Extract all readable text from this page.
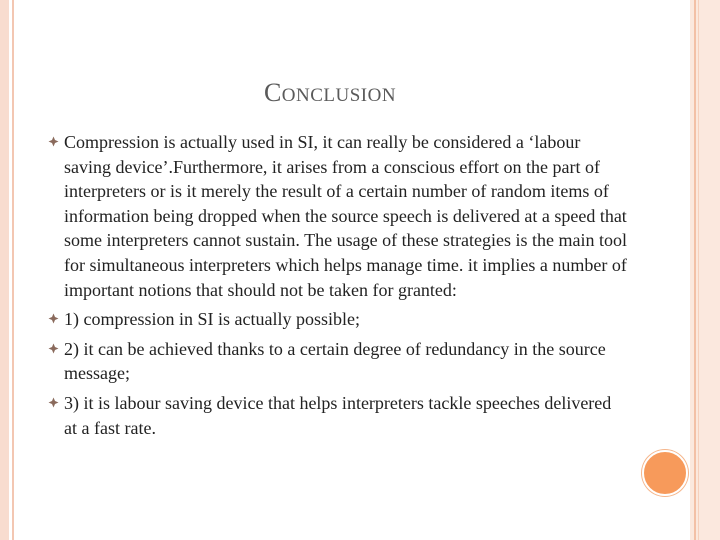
CONCLUSION
Compression is actually used in SI, it can really be considered a ‘labour saving device’.Furthermore, it arises from a conscious effort on the part of interpreters or is it merely the result of a certain number of random items of information being dropped when the source speech is delivered at a speed that some interpreters cannot sustain. The usage of these strategies is the main tool for simultaneous interpreters which helps manage time. it implies a number of important notions that should not be taken for granted:
1) compression in SI is actually possible;
2) it can be achieved thanks to a certain degree of redundancy in the source message;
3) it is labour saving device that helps interpreters tackle speeches delivered at a fast rate.
